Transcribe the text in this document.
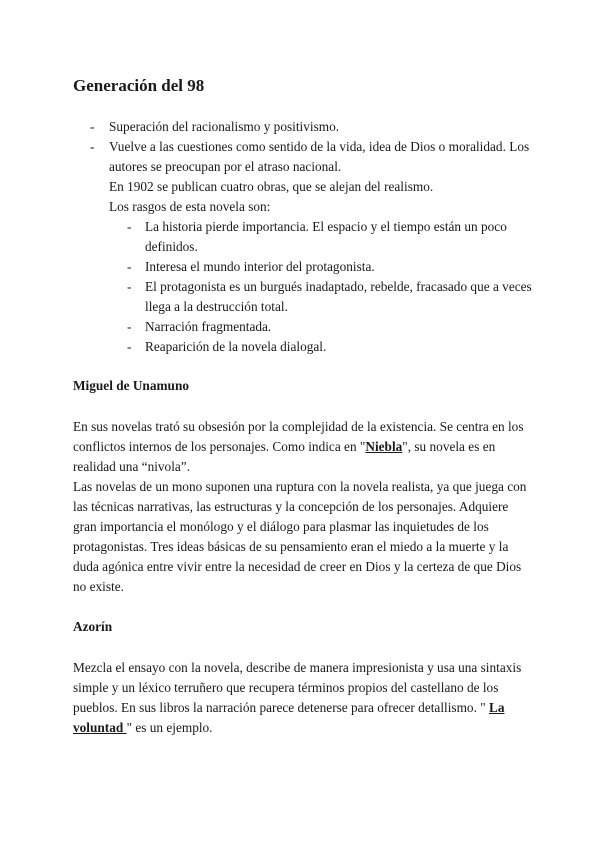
Generación del 98
- Superación del racionalismo y positivismo.
- Vuelve a las cuestiones como sentido de la vida, idea de Dios o moralidad. Los autores se preocupan por el atraso nacional.
En 1902 se publican cuatro obras, que se alejan del realismo.
Los rasgos de esta novela son:
- La historia pierde importancia. El espacio y el tiempo están un poco definidos.
- Interesa el mundo interior del protagonista.
- El protagonista es un burgués inadaptado, rebelde, fracasado que a veces llega a la destrucción total.
- Narración fragmentada.
- Reaparición de la novela dialogal.
Miguel de Unamuno

En sus novelas trató su obsesión por la complejidad de la existencia. Se centra en los conflictos internos de los personajes. Como indica en "Niebla", su novela es en realidad una “nivola”.
Las novelas de un mono suponen una ruptura con la novela realista, ya que juega con las técnicas narrativas, las estructuras y la concepción de los personajes. Adquiere gran importancia el monólogo y el diálogo para plasmar las inquietudes de los protagonistas. Tres ideas básicas de su pensamiento eran el miedo a la muerte y la duda agónica entre vivir entre la necesidad de creer en Dios y la certeza de que Dios no existe.

Azorín

Mezcla el ensayo con la novela, describe de manera impresionista y usa una sintaxis simple y un léxico terruñero que recupera términos propios del castellano de los pueblos. En sus libros la narración parece detenerse para ofrecer detallismo. " La voluntad " es un ejemplo.
